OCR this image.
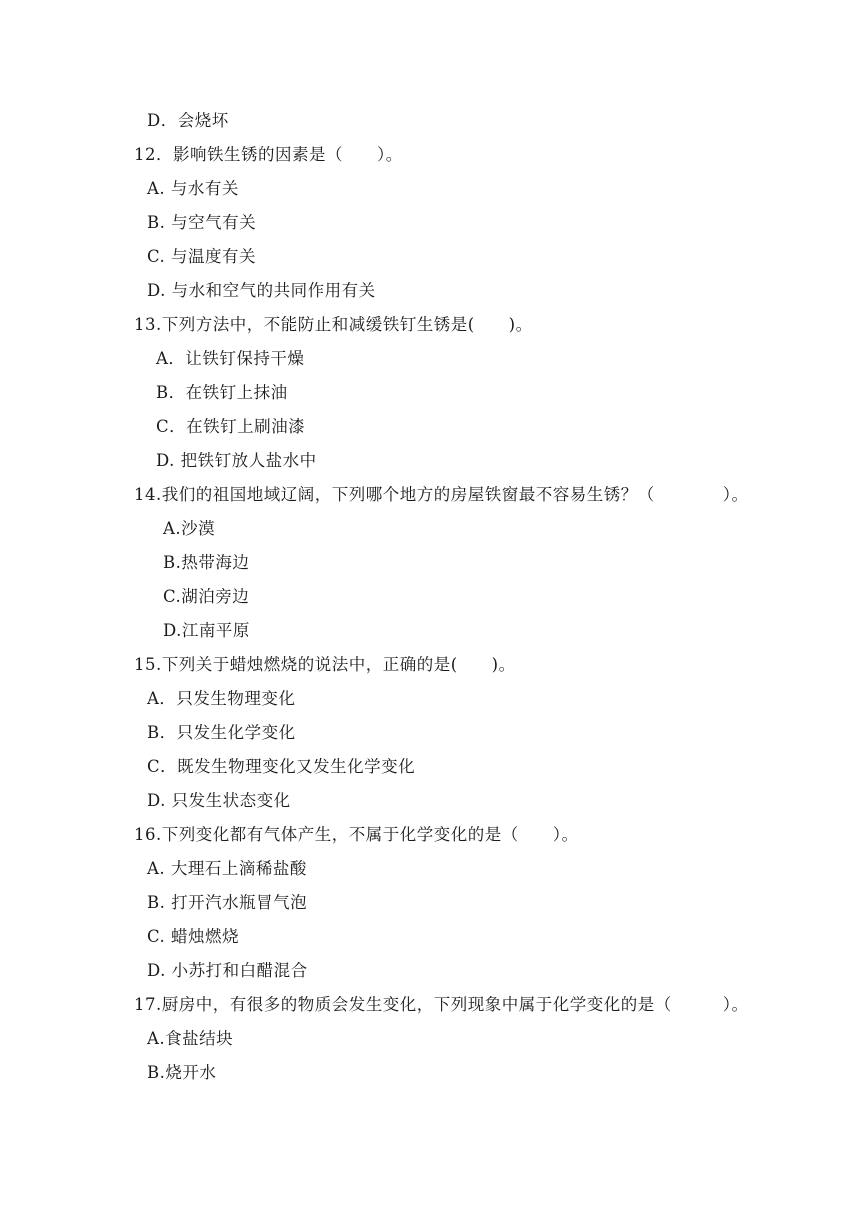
D．会烧坏
12．影响铁生锈的因素是（　　）。
A. 与水有关
B. 与空气有关
C. 与温度有关
D. 与水和空气的共同作用有关
13.下列方法中，不能防止和减缓铁钉生锈是(　　)。
A．让铁钉保持干燥
B．在铁钉上抹油
C．在铁钉上刷油漆
D. 把铁钉放人盐水中
14.我们的祖国地域辽阔，下列哪个地方的房屋铁窗最不容易生锈？（　　　　）。
A.沙漠
B.热带海边
C.湖泊旁边
D.江南平原
15.下列关于蜡烛燃烧的说法中，正确的是(　　)。
A．只发生物理变化
B．只发生化学变化
C．既发生物理变化又发生化学变化
D. 只发生状态变化
16.下列变化都有气体产生，不属于化学变化的是（　　）。
A. 大理石上滴稀盐酸
B. 打开汽水瓶冒气泡
C. 蜡烛燃烧
D. 小苏打和白醋混合
17.厨房中，有很多的物质会发生变化，下列现象中属于化学变化的是（　　　）。
A.食盐结块
B.烧开水
